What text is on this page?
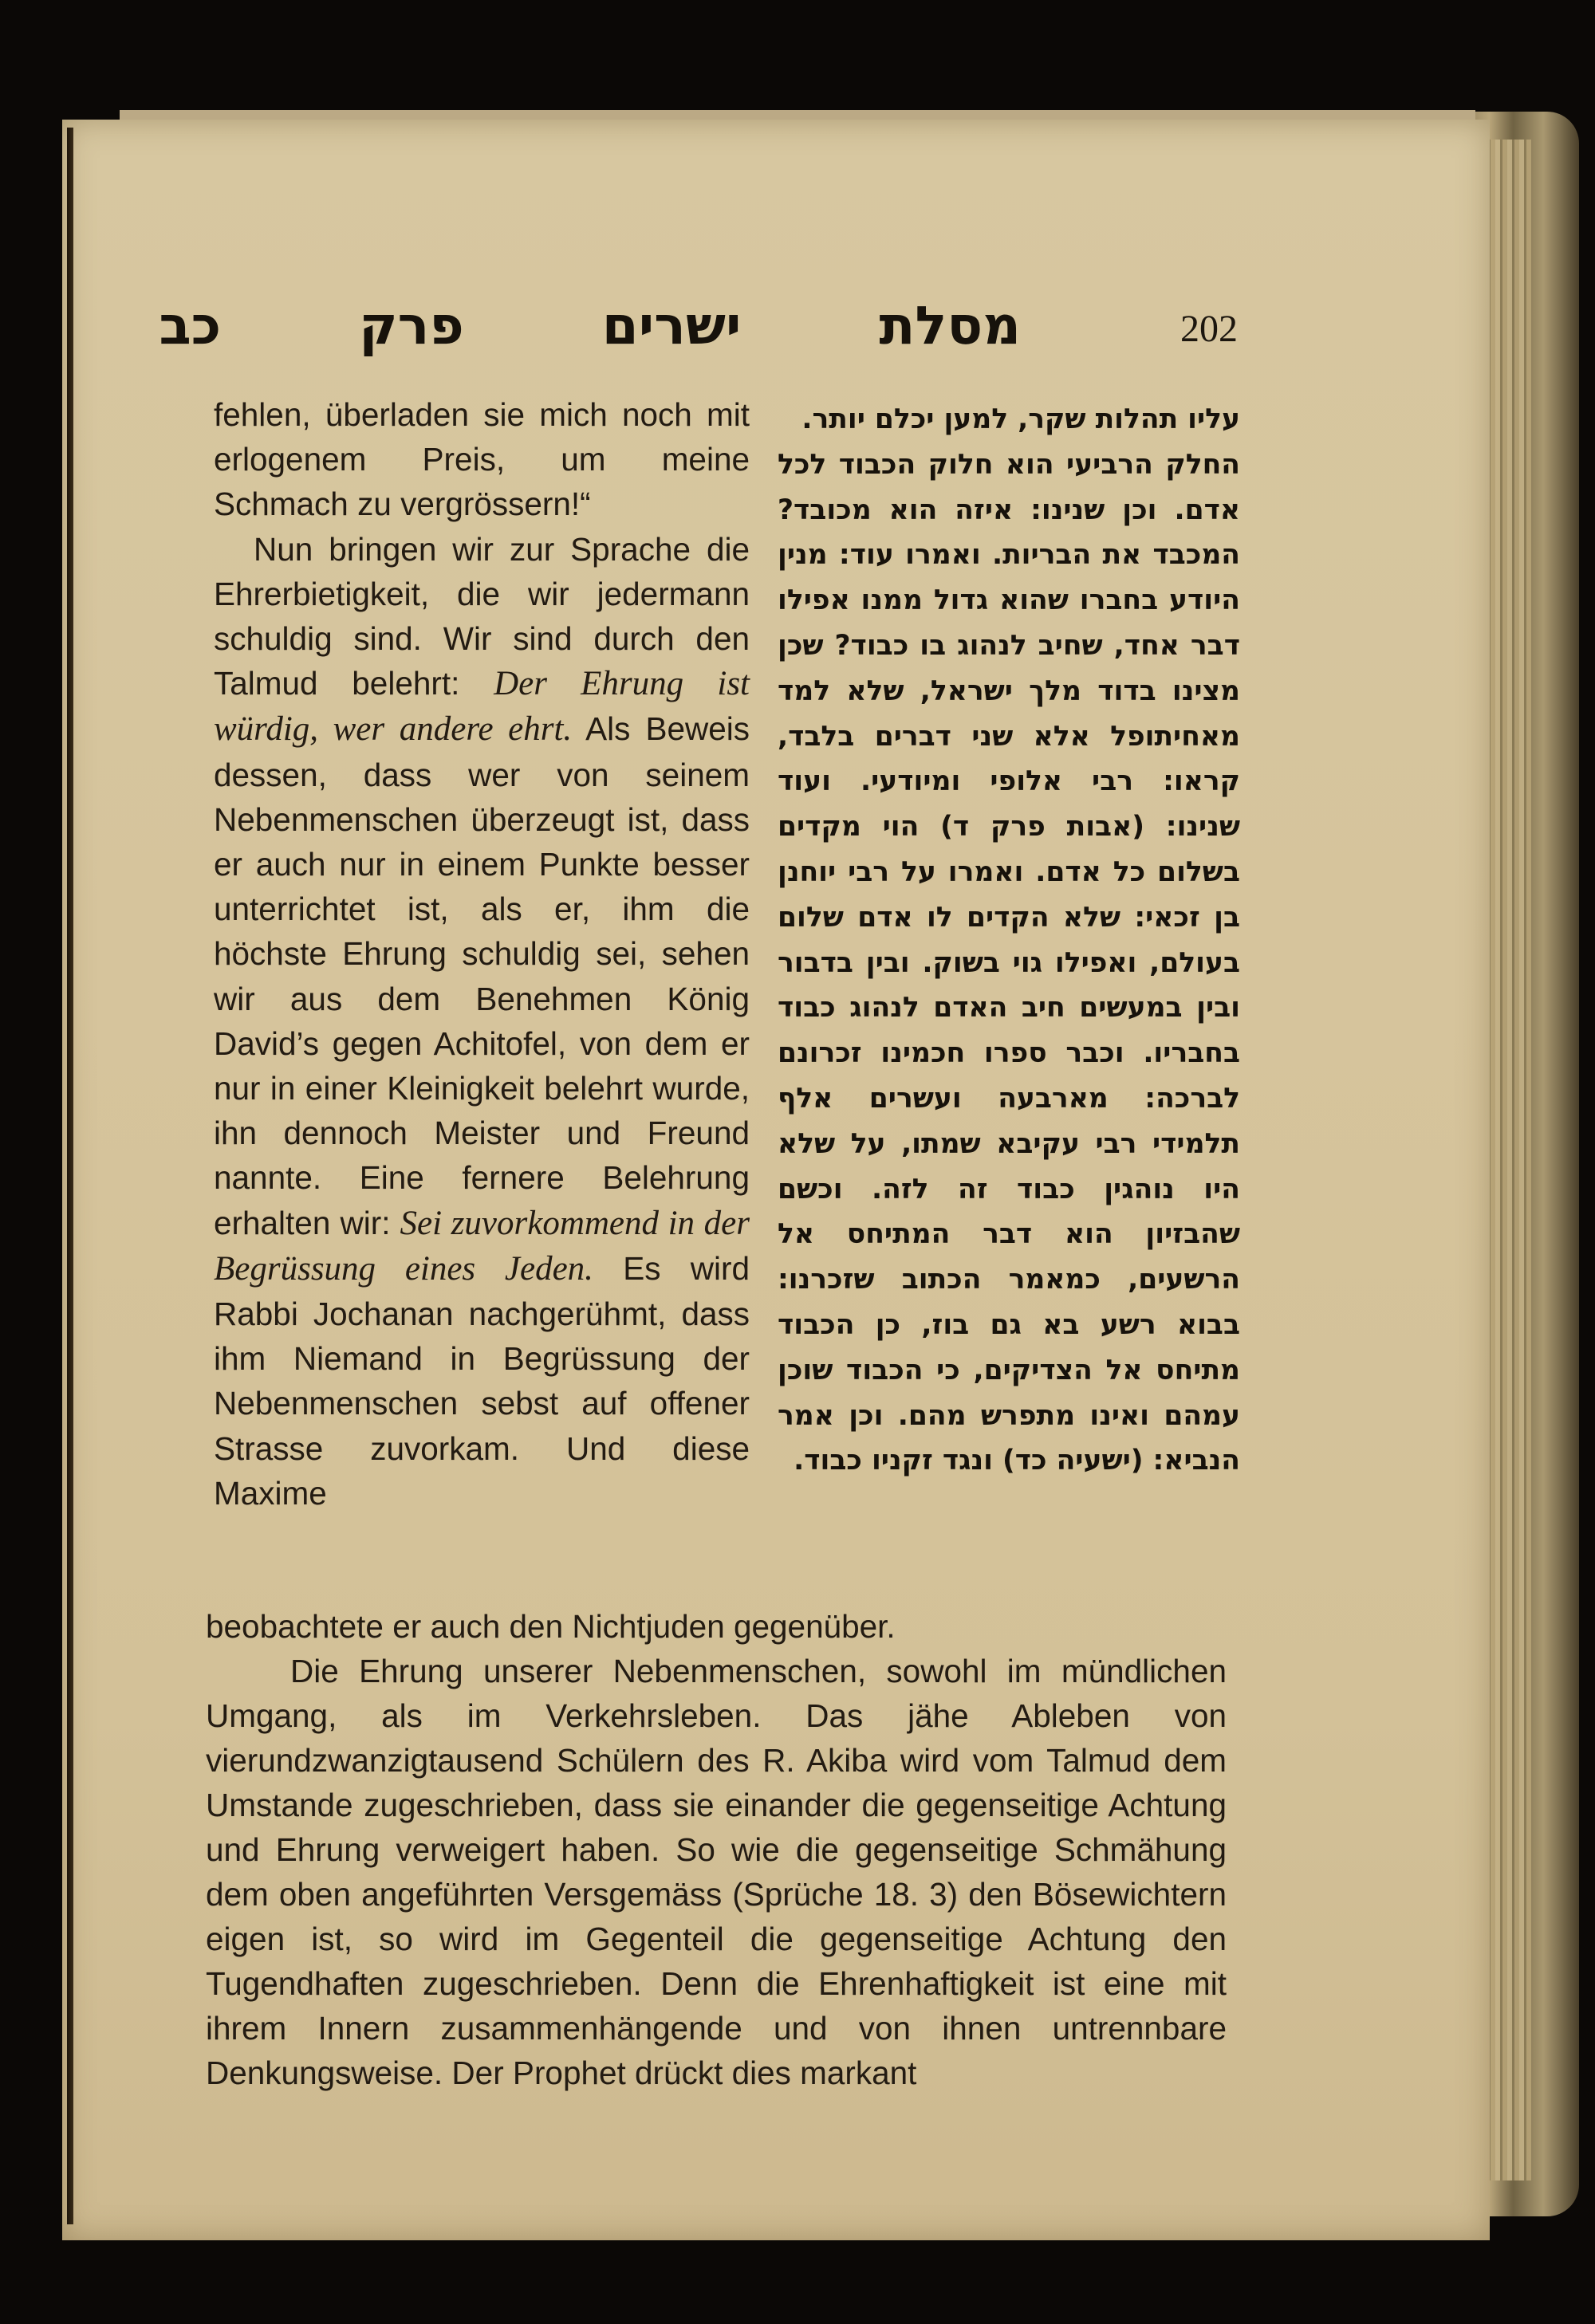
202
מסלת ישרים פרק כב

fehlen, überladen sie mich noch mit erlogenem Preis, um meine Schmach zu vergrössern!“

Nun bringen wir zur Sprache die Ehrerbietigkeit, die wir jedermann schuldig sind. Wir sind durch den Talmud belehrt: Der Ehrung ist würdig, wer andere ehrt. Als Beweis dessen, dass wer von seinem Nebenmenschen überzeugt ist, dass er auch nur in einem Punkte besser unterrichtet ist, als er, ihm die höchste Ehrung schuldig sei, sehen wir aus dem Benehmen König David’s gegen Achitofel, von dem er nur in einer Kleinigkeit belehrt wurde, ihn dennoch Meister und Freund nannte. Eine fernere Belehrung erhalten wir: Sei zuvorkommend in der Begrüssung eines Jeden. Es wird Rabbi Jochanan nachgerühmt, dass ihm Niemand in Begrüssung der Nebenmenschen sebst auf offener Strasse zuvorkam. Und diese Maxime

עליו תהלות שקר, למען יכלם יותר.

החלק הרביעי הוא חלוק הכבוד לכל אדם. וכן שנינו: איזה הוא מכובד? המכבד את הבריות. ואמרו עוד: מנין היודע בחברו שהוא גדול ממנו אפילו דבר אחד, שחיב לנהוג בו כבוד? שכן מצינו בדוד מלך ישראל, שלא למד מאחיתופל אלא שני דברים בלבד, קראו: רבי אלופי ומיודעי. ועוד שנינו: (אבות פרק ד) הוי מקדים בשלום כל אדם. ואמרו על רבי יוחנן בן זכאי: שלא הקדים לו אדם שלום בעולם, ואפילו גוי בשוק. ובין בדבור ובין במעשים חיב האדם לנהוג כבוד בחבריו. וכבר ספרו חכמינו זכרונם לברכה: מארבעה ועשרים אלף תלמידי רבי עקיבא שמתו, על שלא היו נוהגין כבוד זה לזה. וכשם שהבזיון הוא דבר המתיחס אל הרשעים, כמאמר הכתוב שזכרנו: בבוא רשע בא גם בוז, כן הכבוד מתיחס אל הצדיקים, כי הכבוד שוכן עמהם ואינו מתפרש מהם. וכן אמר הנביא: (ישעיה כד) ונגד זקניו כבוד.

beobachtete er auch den Nichtjuden gegenüber.

Die Ehrung unserer Nebenmenschen, sowohl im mündlichen Umgang, als im Verkehrsleben. Das jähe Ableben von vierundzwanzigtausend Schülern des R. Akiba wird vom Talmud dem Umstande zugeschrieben, dass sie einander die gegenseitige Achtung und Ehrung verweigert haben. So wie die gegenseitige Schmähung dem oben angeführten Versgemäss (Sprüche 18. 3) den Bösewichtern eigen ist, so wird im Gegenteil die gegenseitige Achtung den Tugendhaften zugeschrieben. Denn die Ehrenhaftigkeit ist eine mit ihrem Innern zusammenhängende und von ihnen untrennbare Denkungsweise. Der Prophet drückt dies markant
